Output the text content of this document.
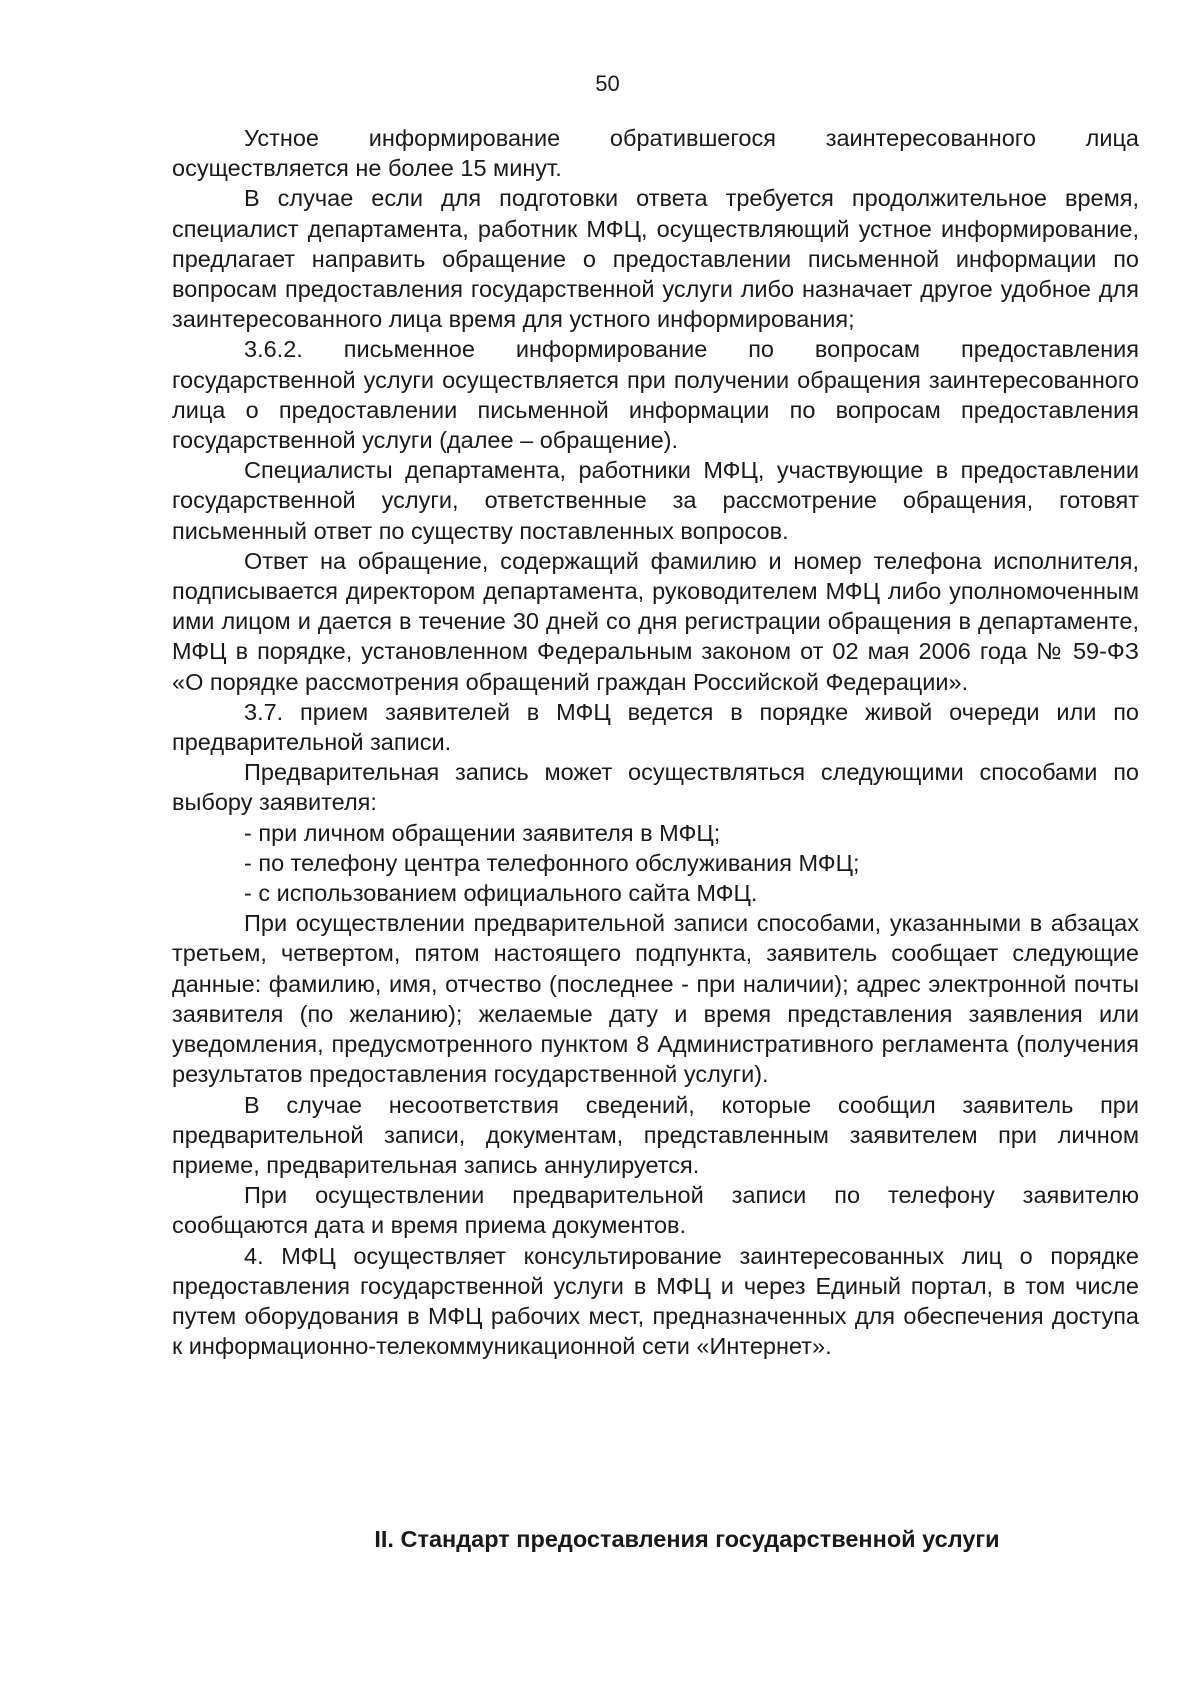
50

Устное информирование обратившегося заинтересованного лица осуществляется не более 15 минут.

В случае если для подготовки ответа требуется продолжительное время, специалист департамента, работник МФЦ, осуществляющий устное информирование, предлагает направить обращение о предоставлении письменной информации по вопросам предоставления государственной услуги либо назначает другое удобное для заинтересованного лица время для устного информирования;

3.6.2. письменное информирование по вопросам предоставления государственной услуги осуществляется при получении обращения заинтересованного лица о предоставлении письменной информации по вопросам предоставления государственной услуги (далее – обращение).

Специалисты департамента, работники МФЦ, участвующие в предоставлении государственной услуги, ответственные за рассмотрение обращения, готовят письменный ответ по существу поставленных вопросов.

Ответ на обращение, содержащий фамилию и номер телефона исполнителя, подписывается директором департамента, руководителем МФЦ либо уполномоченным ими лицом и дается в течение 30 дней со дня регистрации обращения в департаменте, МФЦ в порядке, установленном Федеральным законом от 02 мая 2006 года № 59-ФЗ «О порядке рассмотрения обращений граждан Российской Федерации».

3.7. прием заявителей в МФЦ ведется в порядке живой очереди или по предварительной записи.

Предварительная запись может осуществляться следующими способами по выбору заявителя:

- при личном обращении заявителя в МФЦ;

- по телефону центра телефонного обслуживания МФЦ;

- с использованием официального сайта МФЦ.

При осуществлении предварительной записи способами, указанными в абзацах третьем, четвертом, пятом настоящего подпункта, заявитель сообщает следующие данные: фамилию, имя, отчество (последнее - при наличии); адрес электронной почты заявителя (по желанию); желаемые дату и время представления заявления или уведомления, предусмотренного пунктом 8 Административного регламента (получения результатов предоставления государственной услуги).

В случае несоответствия сведений, которые сообщил заявитель при предварительной записи, документам, представленным заявителем при личном приеме, предварительная запись аннулируется.

При осуществлении предварительной записи по телефону заявителю сообщаются дата и время приема документов.

4. МФЦ осуществляет консультирование заинтересованных лиц о порядке предоставления государственной услуги в МФЦ и через Единый портал, в том числе путем оборудования в МФЦ рабочих мест, предназначенных для обеспечения доступа к информационно-телекоммуникационной сети «Интернет».

II. Стандарт предоставления государственной услуги
